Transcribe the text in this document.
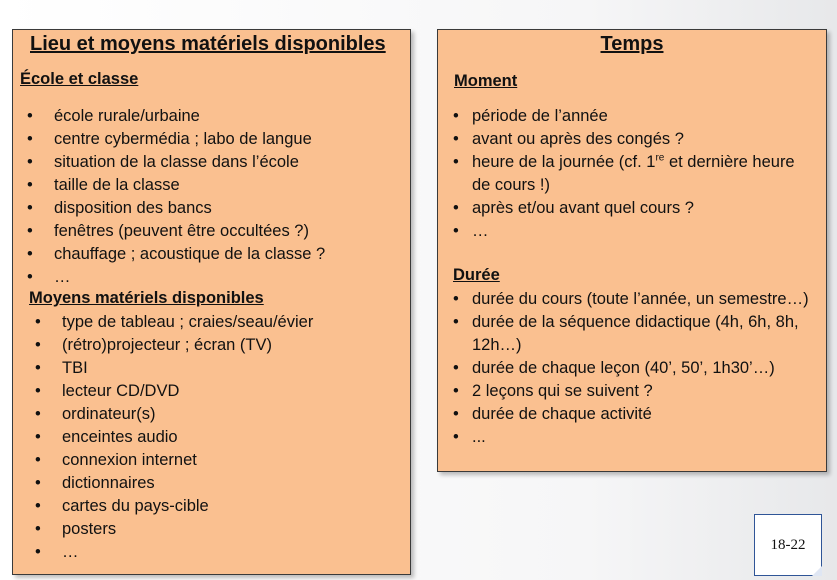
Lieu et moyens matériels disponibles
École et classe
•	école rurale/urbaine
•	centre cybermédia ; labo de langue
•	situation de la classe dans l’école
•	taille de la classe
•	disposition des bancs
•	fenêtres (peuvent être occultées ?)
•	chauffage ; acoustique de la classe ?
•	…
Moyens matériels disponibles
•	type de tableau ; craies/seau/évier
•	(rétro)projecteur ; écran (TV)
•	TBI
•	lecteur CD/DVD
•	ordinateur(s)
•	enceintes audio
•	connexion internet
•	dictionnaires
•	cartes du pays-cible
•	posters
•	…
Temps
Moment
• période de l’année
• avant ou après des congés ?
• heure de la journée (cf. 1re et dernière heure
de cours !)
• après et/ou avant quel cours ?
• …
Durée
• durée du cours (toute l’année, un semestre…)
• durée de la séquence didactique (4h, 6h, 8h,
12h…)
• durée de chaque leçon (40’, 50’, 1h30’…)
• 2 leçons qui se suivent ?
• durée de chaque activité
• ...
18-22
